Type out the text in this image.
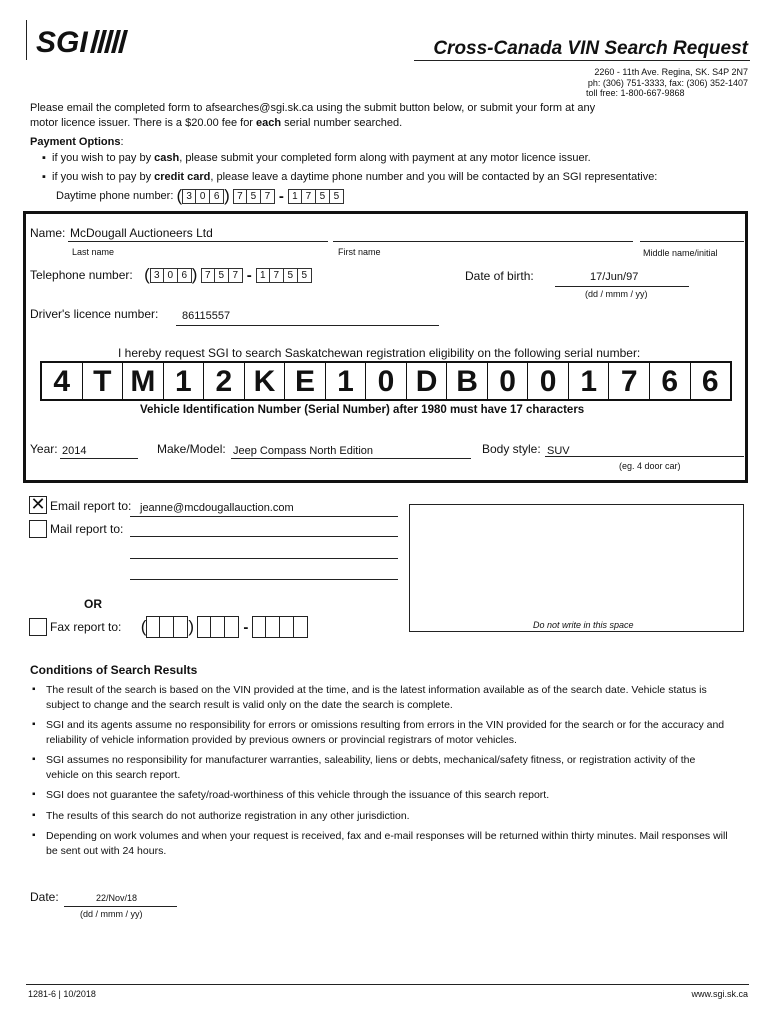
SGI	Cross-Canada VIN Search Request
2260 - 11th Ave. Regina, SK. S4P 2N7
ph: (306) 751-3333, fax: (306) 352-1407
toll free: 1-800-667-9868
Please email the completed form to afsearches@sgi.sk.ca using the submit button below, or submit your form at any
motor licence issuer. There is a $20.00 fee for each serial number searched.
Payment Options:
▪  if you wish to pay by cash, please submit your completed form along with payment at any motor licence issuer.
▪  if you wish to pay by credit card, please leave a daytime phone number and you will be contacted by an SGI representative:
Daytime phone number: ( 3 0 6 ) 7 5 7 - 1 7 5 5
Name: McDougall Auctioneers Ltd
Last name	First name	Middle name/initial
Telephone number: ( 3 0 6 ) 7 5 7 - 1 7 5 5	Date of birth:	17/Jun/97
(dd / mmm / yy)
Driver's licence number: 86115557
I hereby request SGI to search Saskatchewan registration eligibility on the following serial number:
4 T M 1 2 K E 1 0 D B 0 0 1 7 6 6
Vehicle Identification Number (Serial Number) after 1980 must have 17 characters
Year: 2014	Make/Model: Jeep Compass North Edition	Body style: SUV
(eg. 4 door car)
✕ Email report to: jeanne@mcdougallauction.com
Mail report to:
OR
Fax report to: ( )	-	Do not write in this space
Conditions of Search Results
▪ The result of the search is based on the VIN provided at the time, and is the latest information available as of the search date. Vehicle status is subject to change and the search result is valid only on the date the search is complete.
▪ SGI and its agents assume no responsibility for errors or omissions resulting from errors in the VIN provided for the search or for the accuracy and reliability of vehicle information provided by previous owners or provincial registrars of motor vehicles.
▪ SGI assumes no responsibility for manufacturer warranties, saleability, liens or debts, mechanical/safety fitness, or registration activity of the vehicle on this search report.
▪ SGI does not guarantee the safety/road-worthiness of this vehicle through the issuance of this search report.
▪ The results of this search do not authorize registration in any other jurisdiction.
▪ Depending on work volumes and when your request is received, fax and e-mail responses will be returned within thirty minutes. Mail responses will be sent out with 24 hours.
Date:	22/Nov/18
(dd / mmm / yy)
1281-6 | 10/2018	www.sgi.sk.ca
